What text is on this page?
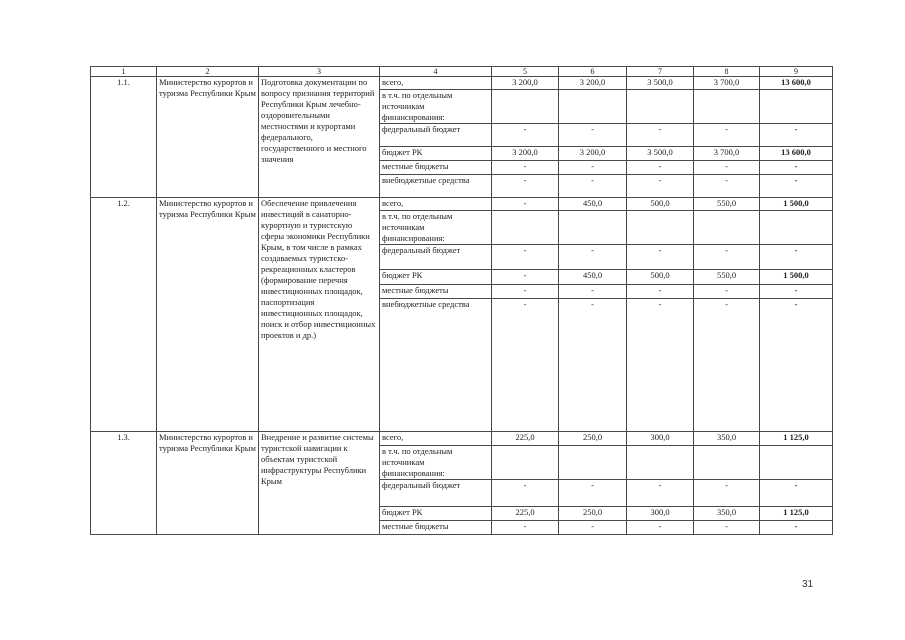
1	2	3	4	5	6	7	8	9
1.1.	Министерство курортов и туризма Республики Крым	Подготовка документации по вопросу признания территорий Республики Крым лечебно-оздоровительными местностями и курортами федерального, государственного и местного значения	всего,	3 200,0	3 200,0	3 500,0	3 700,0	13 600,0
			в т.ч. по отдельным источникам финансирования:					
			федеральный бюджет	-	-	-	-	-
			бюджет РК	3 200,0	3 200,0	3 500,0	3 700,0	13 600,0
			местные бюджеты	-	-	-	-	-
			внебюджетные средства	-	-	-	-	-
1.2.	Министерство курортов и туризма Республики Крым	Обеспечение привлечения инвестиций в санаторно-курортную и туристскую сферы экономики Республики Крым, в том числе в рамках создаваемых туристско-рекреационных кластеров (формирование перечня инвестиционных площадок, паспортизация инвестиционных площадок, поиск и отбор инвестиционных проектов и др.)	всего,	-	450,0	500,0	550,0	1 500,0
			в т.ч. по отдельным источникам финансирования:					
			федеральный бюджет	-	-	-	-	-
			бюджет РК	-	450,0	500,0	550,0	1 500,0
			местные бюджеты	-	-	-	-	-
			внебюджетные средства	-	-	-	-	-
1.3.	Министерство курортов и туризма Республики Крым	Внедрение и развитие системы туристской навигации к объектам туристской инфраструктуры Республики Крым	всего,	225,0	250,0	300,0	350,0	1 125,0
			в т.ч. по отдельным источникам финансирования:					
			федеральный бюджет	-	-	-	-	-
			бюджет РК	225,0	250,0	300,0	350,0	1 125,0
			местные бюджеты	-	-	-	-	-
31
